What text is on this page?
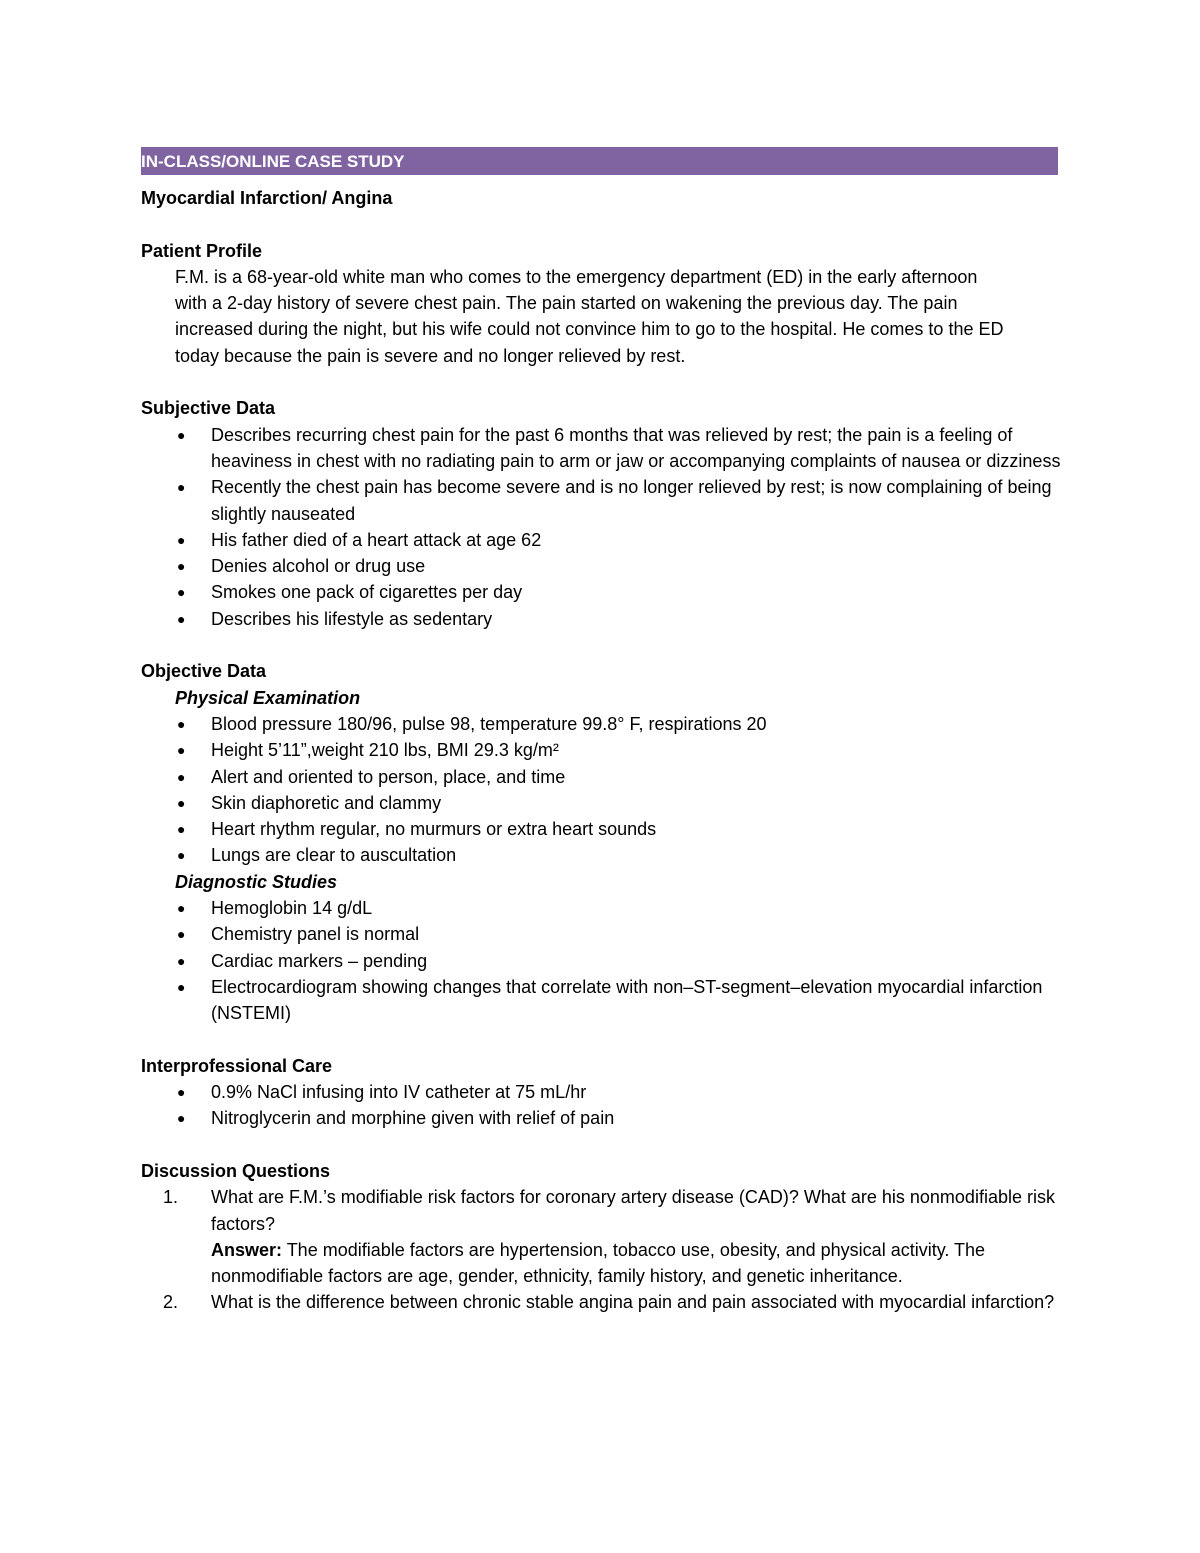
IN-CLASS/ONLINE CASE STUDY
Myocardial Infarction/ Angina
Patient Profile
F.M. is a 68-year-old white man who comes to the emergency department (ED) in the early afternoon with a 2-day history of severe chest pain. The pain started on wakening the previous day. The pain increased during the night, but his wife could not convince him to go to the hospital. He comes to the ED today because the pain is severe and no longer relieved by rest.
Subjective Data
● Describes recurring chest pain for the past 6 months that was relieved by rest; the pain is a feeling of heaviness in chest with no radiating pain to arm or jaw or accompanying complaints of nausea or dizziness
● Recently the chest pain has become severe and is no longer relieved by rest; is now complaining of being slightly nauseated
● His father died of a heart attack at age 62
● Denies alcohol or drug use
● Smokes one pack of cigarettes per day
● Describes his lifestyle as sedentary
Objective Data
Physical Examination
● Blood pressure 180/96, pulse 98, temperature 99.8° F, respirations 20
● Height 5’11”,weight 210 lbs, BMI 29.3 kg/m²
● Alert and oriented to person, place, and time
● Skin diaphoretic and clammy
● Heart rhythm regular, no murmurs or extra heart sounds
● Lungs are clear to auscultation
Diagnostic Studies
● Hemoglobin 14 g/dL
● Chemistry panel is normal
● Cardiac markers – pending
● Electrocardiogram showing changes that correlate with non–ST-segment–elevation myocardial infarction (NSTEMI)
Interprofessional Care
● 0.9% NaCl infusing into IV catheter at 75 mL/hr
● Nitroglycerin and morphine given with relief of pain
Discussion Questions
1. What are F.M.’s modifiable risk factors for coronary artery disease (CAD)? What are his nonmodifiable risk factors?
Answer: The modifiable factors are hypertension, tobacco use, obesity, and physical activity. The nonmodifiable factors are age, gender, ethnicity, family history, and genetic inheritance.
2. What is the difference between chronic stable angina pain and pain associated with myocardial infarction?
